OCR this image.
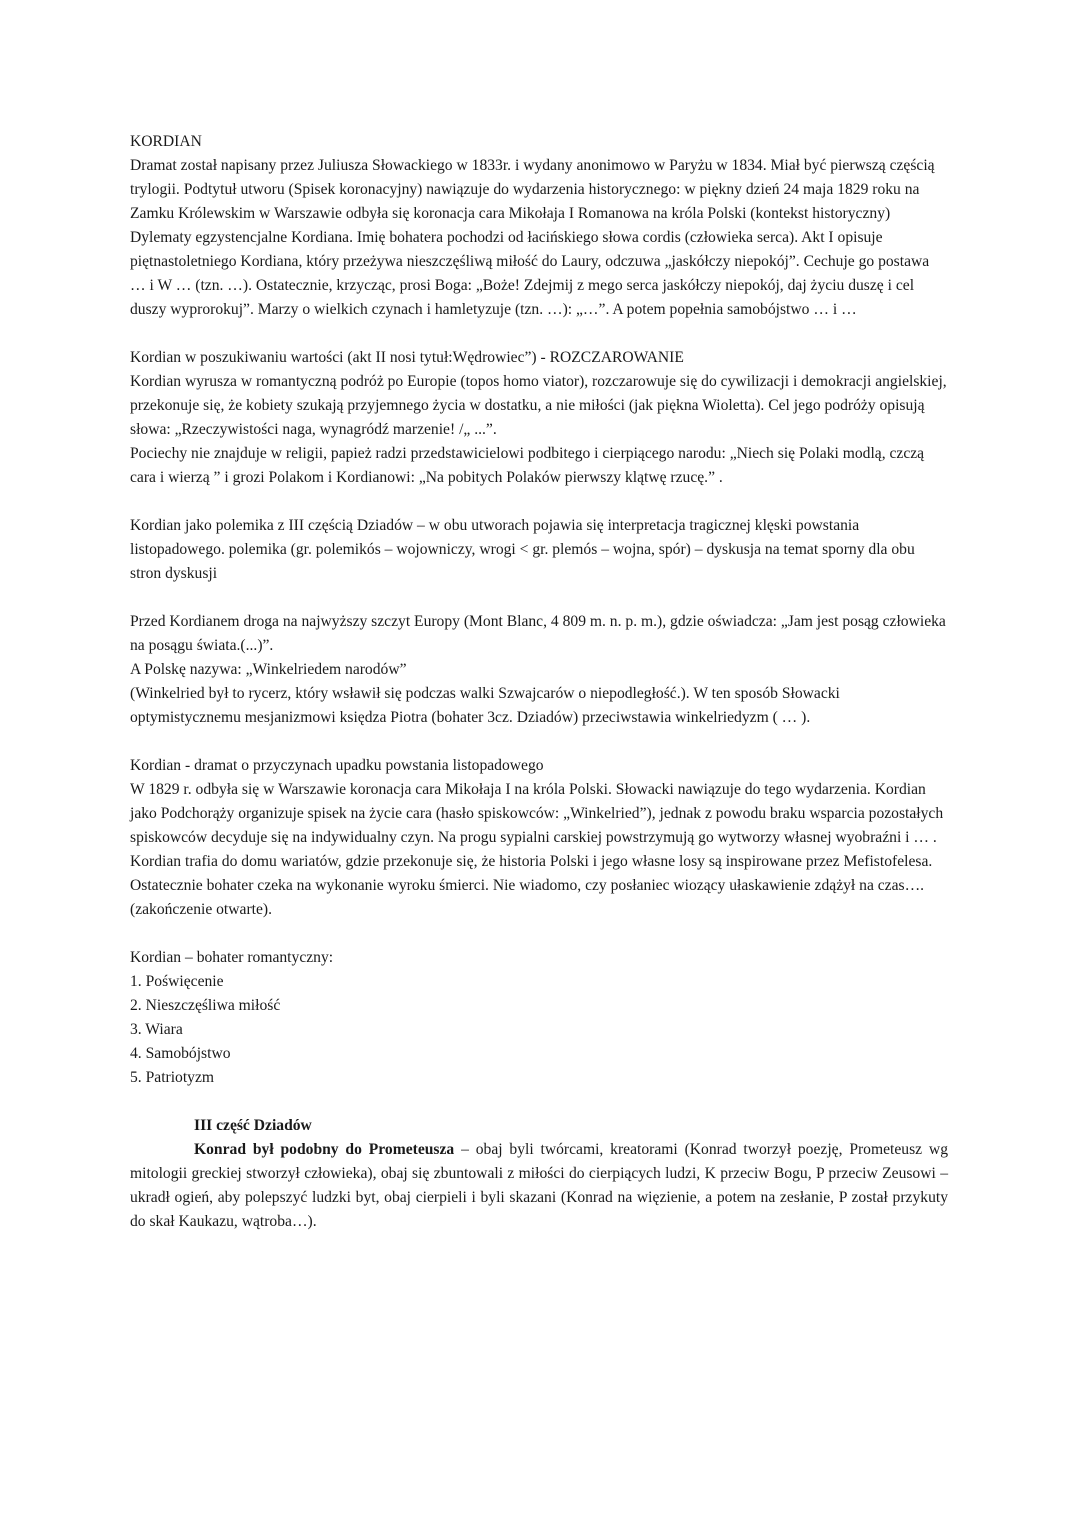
KORDIAN

Dramat został napisany przez Juliusza Słowackiego w 1833r. i wydany anonimowo w Paryżu w 1834. Miał być pierwszą częścią trylogii. Podtytuł utworu (Spisek koronacyjny) nawiązuje do wydarzenia historycznego: w piękny dzień 24 maja 1829 roku na Zamku Królewskim w Warszawie odbyła się koronacja cara Mikołaja I Romanowa na króla Polski (kontekst historyczny)

Dylematy egzystencjalne Kordiana. Imię bohatera pochodzi od łacińskiego słowa cordis (człowieka serca). Akt I opisuje piętnastoletniego Kordiana, który przeżywa nieszczęśliwą miłość do Laury, odczuwa „jaskółczy niepokój”. Cechuje go postawa … i W … (tzn. …). Ostatecznie, krzycząc, prosi Boga: „Boże! Zdejmij z mego serca jaskółczy niepokój, daj życiu duszę i cel duszy wyprorokuj”. Marzy o wielkich czynach i hamletyzuje (tzn. …): „…”. A potem popełnia samobójstwo … i …

Kordian w poszukiwaniu wartości (akt II nosi tytuł:Wędrowiec”) - ROZCZAROWANIE

Kordian wyrusza w romantyczną podróż po Europie (topos homo viator), rozczarowuje się do cywilizacji i demokracji angielskiej, przekonuje się, że kobiety szukają przyjemnego życia w dostatku, a nie miłości (jak piękna Wioletta). Cel jego podróży opisują słowa: „Rzeczywistości naga, wynagródź marzenie! /„ ...”.

Pociechy nie znajduje w religii, papież radzi przedstawicielowi podbitego i cierpiącego narodu: „Niech się Polaki modlą, czczą cara i wierzą ” i grozi Polakom i Kordianowi: „Na pobitych Polaków pierwszy klątwę rzucę.” .

Kordian jako polemika z III częścią Dziadów – w obu utworach pojawia się interpretacja tragicznej klęski powstania listopadowego. polemika (gr. polemikós – wojowniczy, wrogi < gr. plemós – wojna, spór) – dyskusja na temat sporny dla obu stron dyskusji

Przed Kordianem droga na najwyższy szczyt Europy (Mont Blanc, 4 809 m. n. p. m.), gdzie oświadcza: „Jam jest posąg człowieka na posągu świata.(...)”.

A Polskę nazywa: „Winkelriedem narodów”

(Winkelried był to rycerz, który wsławił się podczas walki Szwajcarów o niepodległość.). W ten sposób Słowacki optymistycznemu mesjanizmowi księdza Piotra (bohater 3cz. Dziadów) przeciwstawia winkelriedyzm ( … ).

Kordian - dramat o przyczynach upadku powstania listopadowego

W 1829 r. odbyła się w Warszawie koronacja cara Mikołaja I na króla Polski. Słowacki nawiązuje do tego wydarzenia. Kordian jako Podchorąży organizuje spisek na życie cara (hasło spiskowców: „Winkelried”), jednak z powodu braku wsparcia pozostałych spiskowców decyduje się na indywidualny czyn. Na progu sypialni carskiej powstrzymują go wytworzy własnej wyobraźni i … .

Kordian trafia do domu wariatów, gdzie przekonuje się, że historia Polski i jego własne losy są inspirowane przez Mefistofelesa. Ostatecznie bohater czeka na wykonanie wyroku śmierci. Nie wiadomo, czy posłaniec wiozący ułaskawienie zdążył na czas…. (zakończenie otwarte).

Kordian – bohater romantyczny:

1. Poświęcenie

2. Nieszczęśliwa miłość

3. Wiara

4. Samobójstwo

5. Patriotyzm

III część Dziadów

Konrad był podobny do Prometeusza – obaj byli twórcami, kreatorami (Konrad tworzył poezję, Prometeusz wg mitologii greckiej stworzył człowieka), obaj się zbuntowali z miłości do cierpiących ludzi, K przeciw Bogu, P przeciw Zeusowi – ukradł ogień, aby polepszyć ludzki byt, obaj cierpieli i byli skazani (Konrad na więzienie, a potem na zesłanie, P został przykuty do skał Kaukazu, wątroba…).
